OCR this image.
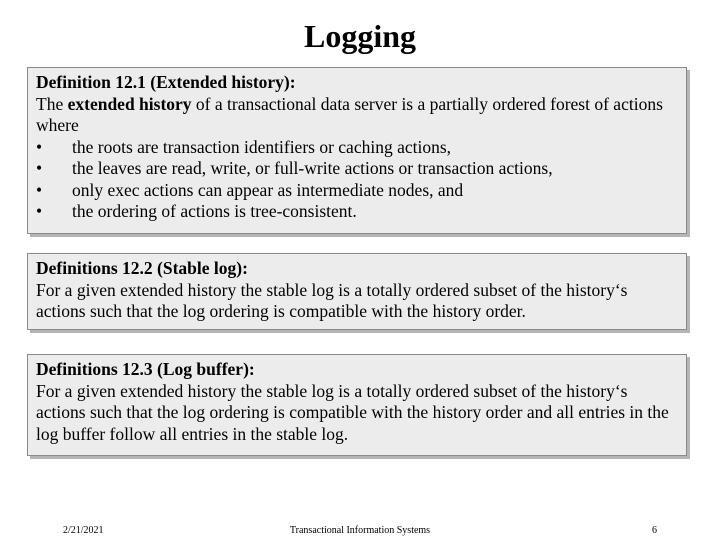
Logging
Definition 12.1 (Extended history):
The extended history of a transactional data server is a partially ordered forest of actions where
• the roots are transaction identifiers or caching actions,
• the leaves are read, write, or full-write actions or transaction actions,
• only exec actions can appear as intermediate nodes, and
• the ordering of actions is tree-consistent.
Definitions 12.2 (Stable log):
For a given extended history the stable log is a totally ordered subset of the history‘s actions such that the log ordering is compatible with the history order.
Definitions 12.3 (Log buffer):
For a given extended history the stable log is a totally ordered subset of the history‘s actions such that the log ordering is compatible with the history order and all entries in the log buffer follow all entries in the stable log.
2/21/2021	Transactional Information Systems	6
